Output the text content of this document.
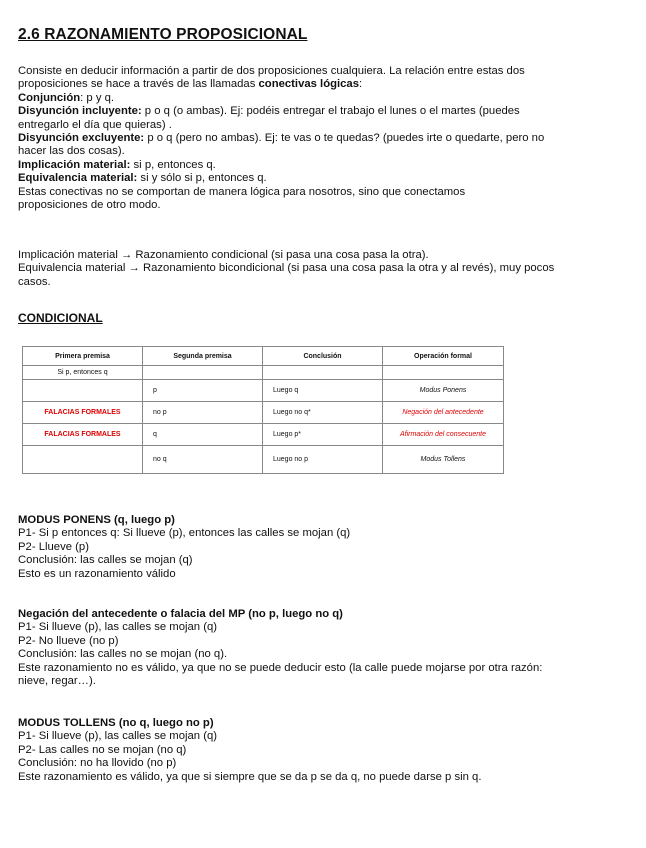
2.6 RAZONAMIENTO PROPOSICIONAL

Consiste en deducir información a partir de dos proposiciones cualquiera. La relación entre estas dos

proposiciones se hace a través de las llamadas conectivas lógicas:

Conjunción: p y q.

Disyunción incluyente: p o q (o ambas). Ej: podéis entregar el trabajo el lunes o el martes (puedes

entregarlo el día que quieras) .

Disyunción excluyente: p o q (pero no ambas). Ej: te vas o te quedas? (puedes irte o quedarte, pero no

hacer las dos cosas).

Implicación material: si p, entonces q.

Equivalencia material: si y sólo si p, entonces q.

Estas conectivas no se comportan de manera lógica para nosotros, sino que conectamos

proposiciones de otro modo.

Implicación material → Razonamiento condicional (si pasa una cosa pasa la otra).

Equivalencia material → Razonamiento bicondicional (si pasa una cosa pasa la otra y al revés), muy pocos

casos.

CONDICIONAL
Primera premisa	Segunda premisa	Conclusión	Operación formal
Si p, entonces q			
	p	Luego q	Modus Ponens
FALACIAS FORMALES	no p	Luego no q*	Negación del antecedente
FALACIAS FORMALES	q	Luego p*	Afirmación del consecuente
	no q	Luego no p	Modus Tollens

MODUS PONENS (q, luego p)

P1- Si p entonces q: Si llueve (p), entonces las calles se mojan (q)

P2- Llueve (p)

Conclusión: las calles se mojan (q)

Esto es un razonamiento válido

Negación del antecedente o falacia del MP (no p, luego no q)

P1- Si llueve (p), las calles se mojan (q)

P2- No llueve (no p)

Conclusión: las calles no se mojan (no q).

Este razonamiento no es válido, ya que no se puede deducir esto (la calle puede mojarse por otra razón:

nieve, regar…).

MODUS TOLLENS (no q, luego no p)

P1- Si llueve (p), las calles se mojan (q)

P2- Las calles no se mojan (no q)

Conclusión: no ha llovido (no p)

Este razonamiento es válido, ya que si siempre que se da p se da q, no puede darse p sin q.
